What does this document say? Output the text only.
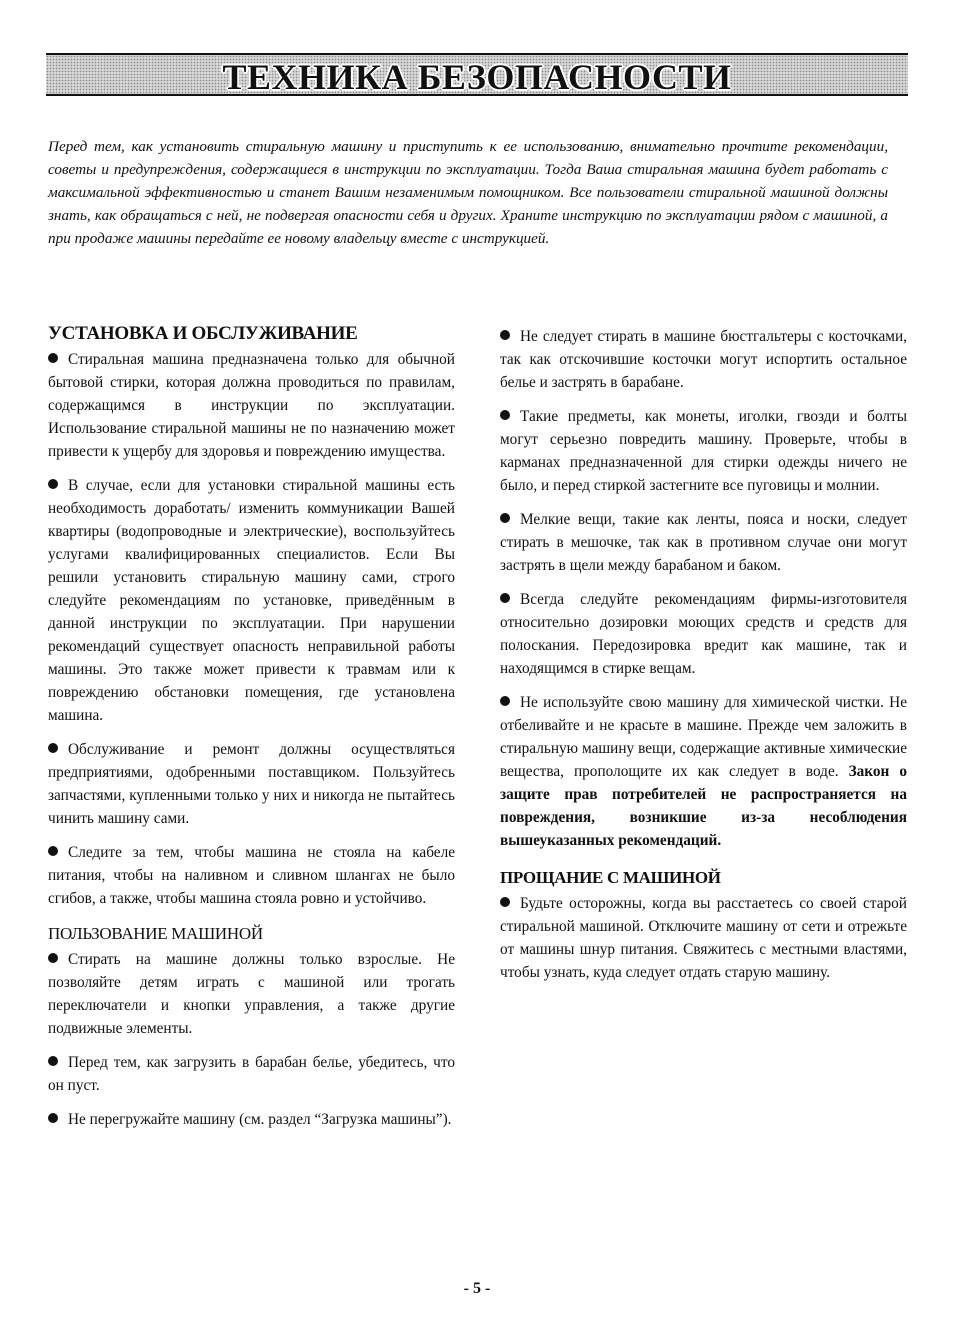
ТЕХНИКА БЕЗОПАСНОСТИ

Перед тем, как установить стиральную машину и приступить к ее использованию, внимательно прочтите рекомендации, советы и предупреждения, содержащиеся в инструкции по эксплуатации. Тогда Ваша стиральная машина будет работать с максимальной эффективностью и станет Вашим незаменимым помощником. Все пользователи стиральной машиной должны знать, как обращаться с ней, не подвергая опасности себя и других. Храните инструкцию по эксплуатации рядом с машиной, а при продаже машины передайте ее новому владельцу вместе с инструкцией.

УСТАНОВКА И ОБСЛУЖИВАНИЕ

Стиральная машина предназначена только для обычной бытовой стирки, которая должна проводиться по правилам, содержащимся в инструкции по эксплуатации. Использование стиральной машины не по назначению может привести к ущербу для здоровья и повреждению имущества.

В случае, если для установки стиральной машины есть необходимость доработать/ изменить коммуникации Вашей квартиры (водопроводные и электрические), воспользуйтесь услугами квалифицированных специалистов. Если Вы решили установить стиральную машину сами, строго следуйте рекомендациям по установке, приведённым в данной инструкции по эксплуатации. При нарушении рекомендаций существует опасность неправильной работы машины. Это также может привести к травмам или к повреждению обстановки помещения, где установлена машина.

Обслуживание и ремонт должны осуществляться предприятиями, одобренными поставщиком. Пользуйтесь запчастями, купленными только у них и никогда не пытайтесь чинить машину сами.

Следите за тем, чтобы машина не стояла на кабеле питания, чтобы на наливном и сливном шлангах не было сгибов, а также, чтобы машина стояла ровно и устойчиво.

ПОЛЬЗОВАНИЕ МАШИНОЙ

Стирать на машине должны только взрослые. Не позволяйте детям играть с машиной или трогать переключатели и кнопки управления, а также другие подвижные элементы.

Перед тем, как загрузить в барабан белье, убедитесь, что он пуст.

Не перегружайте машину (см. раздел “Загрузка машины”).

Не следует стирать в машине бюстгальтеры с косточками, так как отскочившие косточки могут испортить остальное белье и застрять в барабане.

Такие предметы, как монеты, иголки, гвозди и болты могут серьезно повредить машину. Проверьте, чтобы в карманах предназначенной для стирки одежды ничего не было, и перед стиркой застегните все пуговицы и молнии.

Мелкие вещи, такие как ленты, пояса и носки, следует стирать в мешочке, так как в противном случае они могут застрять в щели между барабаном и баком.

Всегда следуйте рекомендациям фирмы-изготовителя относительно дозировки моющих средств и средств для полоскания. Передозировка вредит как машине, так и находящимся в стирке вещам.

Не используйте свою машину для химической чистки. Не отбеливайте и не красьте в машине. Прежде чем заложить в стиральную машину вещи, содержащие активные химические вещества, прополощите их как следует в воде. Закон о защите прав потребителей не распространяется на повреждения, возникшие из-за несоблюдения вышеуказанных рекомендаций.

ПРОЩАНИЕ С МАШИНОЙ

Будьте осторожны, когда вы расстаетесь со своей старой стиральной машиной. Отключите машину от сети и отрежьте от машины шнур питания. Свяжитесь с местными властями, чтобы узнать, куда следует отдать старую машину.

- 5 -
